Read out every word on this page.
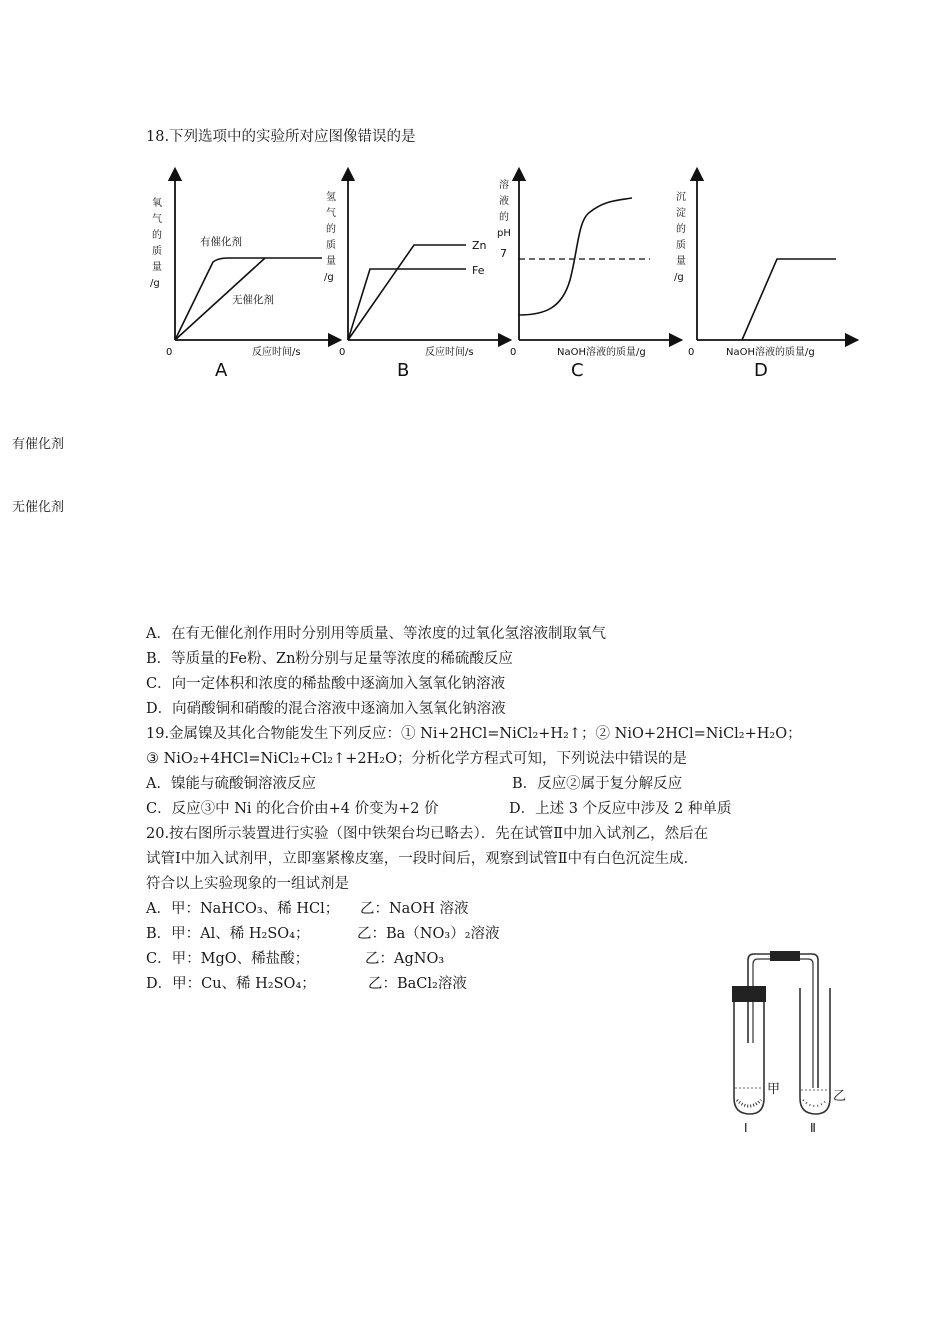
18.下列选项中的实验所对应图像错误的是
氧 气 的 质 量 /g
有催化剂
无催化剂
0	反应时间/s
A
氢 气 的 质 量 /g
Zn
Fe
0	反应时间/s
B
溶 液 的 pH
7
0	NaOH溶液的质量/g
C
沉 淀 的 质 量 /g
0	NaOH溶液的质量/g
D
有催化剂
无催化剂
A．在有无催化剂作用时分别用等质量、等浓度的过氧化氢溶液制取氧气
B．等质量的Fe粉、Zn粉分别与足量等浓度的稀硫酸反应
C．向一定体积和浓度的稀盐酸中逐滴加入氢氧化钠溶液
D．向硝酸铜和硝酸的混合溶液中逐滴加入氢氧化钠溶液
19.金属镍及其化合物能发生下列反应：① Ni+2HCl=NiCl₂+H₂↑；② NiO+2HCl=NiCl₂+H₂O；
③ NiO₂+4HCl=NiCl₂+Cl₂↑+2H₂O；分析化学方程式可知，下列说法中错误的是
A．镍能与硫酸铜溶液反应	B．反应②属于复分解反应
C．反应③中 Ni 的化合价由+4 价变为+2 价	D．上述 3 个反应中涉及 2 种单质
20.按右图所示装置进行实验（图中铁架台均已略去）．先在试管Ⅱ中加入试剂乙，然后在
试管Ⅰ中加入试剂甲，立即塞紧橡皮塞，一段时间后，观察到试管Ⅱ中有白色沉淀生成．
符合以上实验现象的一组试剂是
A．甲：NaHCO₃、稀 HCl； 乙：NaOH 溶液
B．甲：Al、稀 H₂SO₄；	乙：Ba（NO₃）₂溶液
C．甲：MgO、稀盐酸；	乙：AgNO₃
D．甲：Cu、稀 H₂SO₄；	乙：BaCl₂溶液
甲	乙
Ⅰ	Ⅱ
